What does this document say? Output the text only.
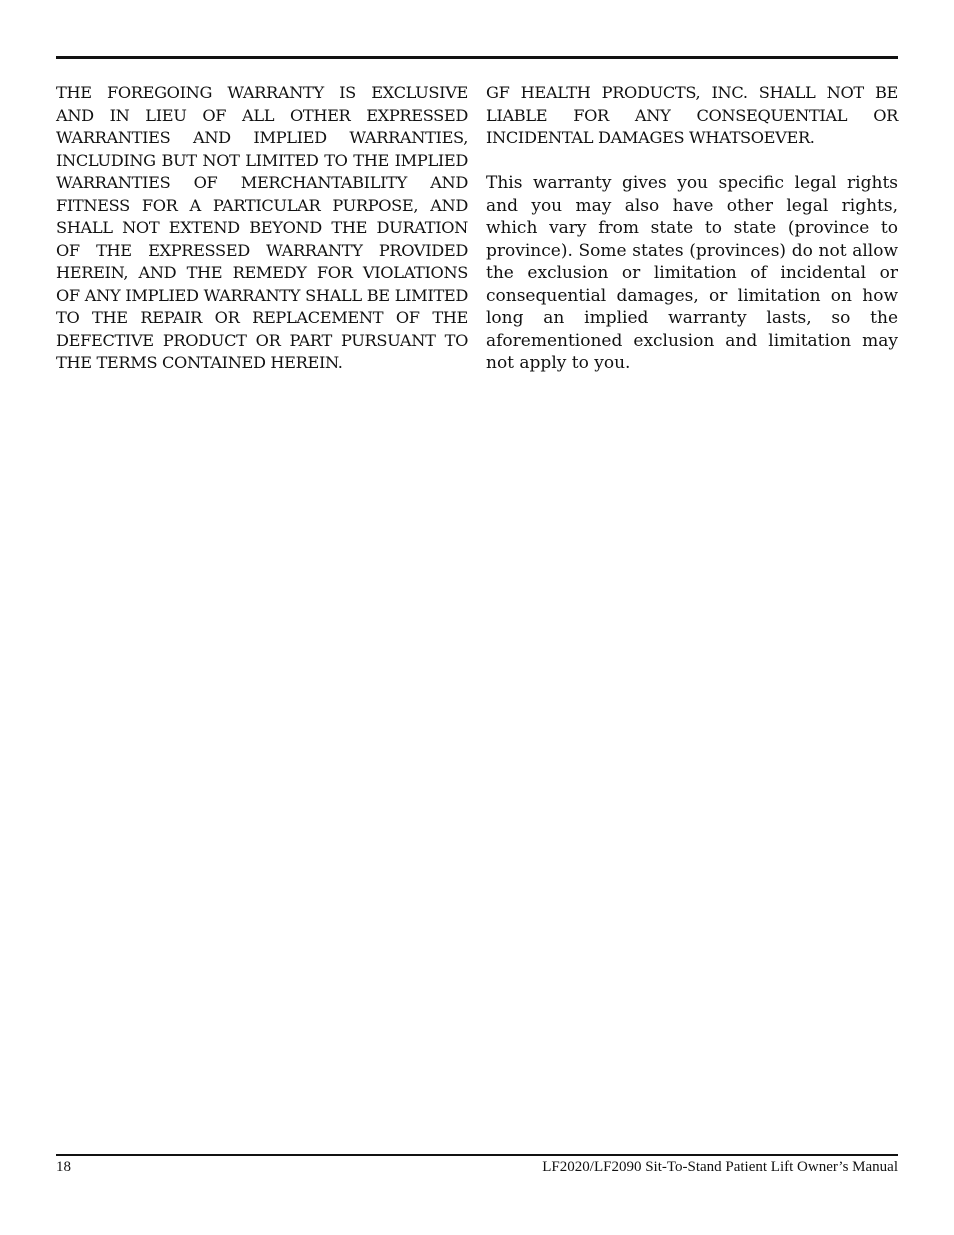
THE FOREGOING WARRANTY IS EXCLUSIVE AND IN LIEU OF ALL OTHER EXPRESSED WARRANTIES AND IMPLIED WARRANTIES, INCLUDING BUT NOT LIMITED TO THE IMPLIED WARRANTIES OF MERCHANTABILITY AND FITNESS FOR A PARTICULAR PURPOSE, AND SHALL NOT EXTEND BEYOND THE DURATION OF THE EXPRESSED WARRANTY PROVIDED HEREIN, AND THE REMEDY FOR VIOLATIONS OF ANY IMPLIED WARRANTY SHALL BE LIMITED TO THE REPAIR OR REPLACEMENT OF THE DEFECTIVE PRODUCT OR PART PURSUANT TO THE TERMS CONTAINED HEREIN.

GF HEALTH PRODUCTS, INC. SHALL NOT BE LIABLE FOR ANY CONSEQUENTIAL OR INCIDENTAL DAMAGES WHATSOEVER.

This warranty gives you specific legal rights and you may also have other legal rights, which vary from state to state (province to province). Some states (provinces) do not allow the exclusion or limitation of incidental or consequential damages, or limitation on how long an implied warranty lasts, so the aforementioned exclusion and limitation may not apply to you.

18	LF2020/LF2090 Sit-To-Stand Patient Lift Owner’s Manual
